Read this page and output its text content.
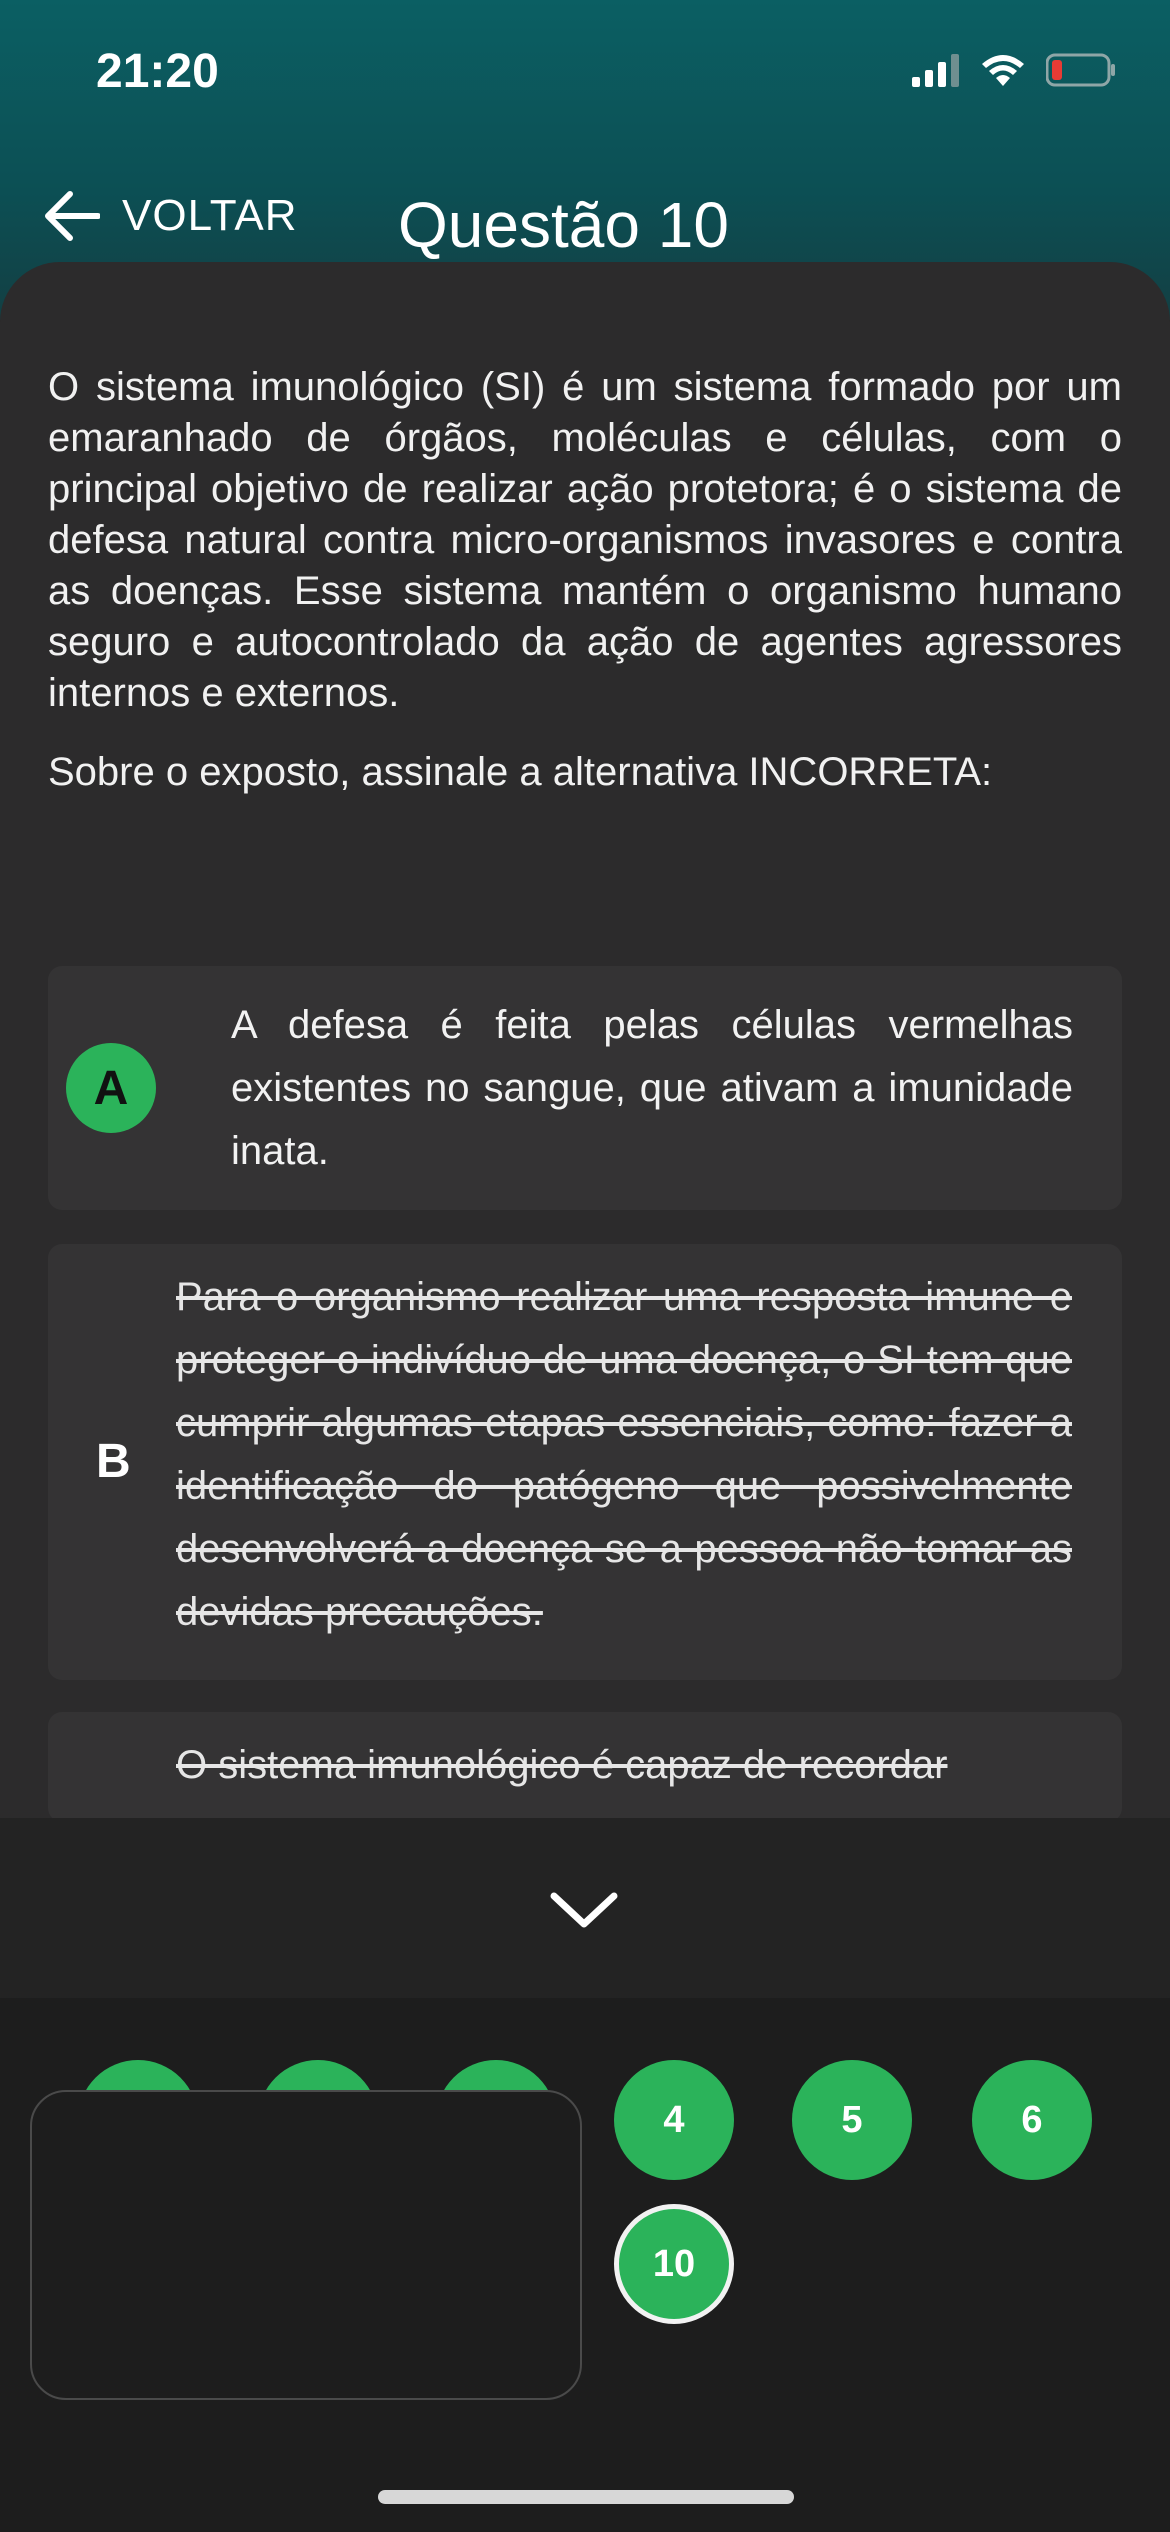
21:20
VOLTAR Questão 10
O sistema imunológico (SI) é um sistema formado por um emaranhado de órgãos, moléculas e células, com o principal objetivo de realizar ação protetora; é o sistema de defesa natural contra micro-organismos invasores e contra as doenças. Esse sistema mantém o organismo humano seguro e autocontrolado da ação de agentes agressores internos e externos.
Sobre o exposto, assinale a alternativa INCORRETA:
A
A defesa é feita pelas células vermelhas existentes no sangue, que ativam a imunidade inata.
B
Para o organismo realizar uma resposta imune e proteger o indivíduo de uma doença, o SI tem que cumprir algumas etapas essenciais, como: fazer a identificação do patógeno que possivelmente desenvolverá a doença se a pessoa não tomar as devidas precauções.
O sistema imunológico é capaz de recordar
4	5	6
10
